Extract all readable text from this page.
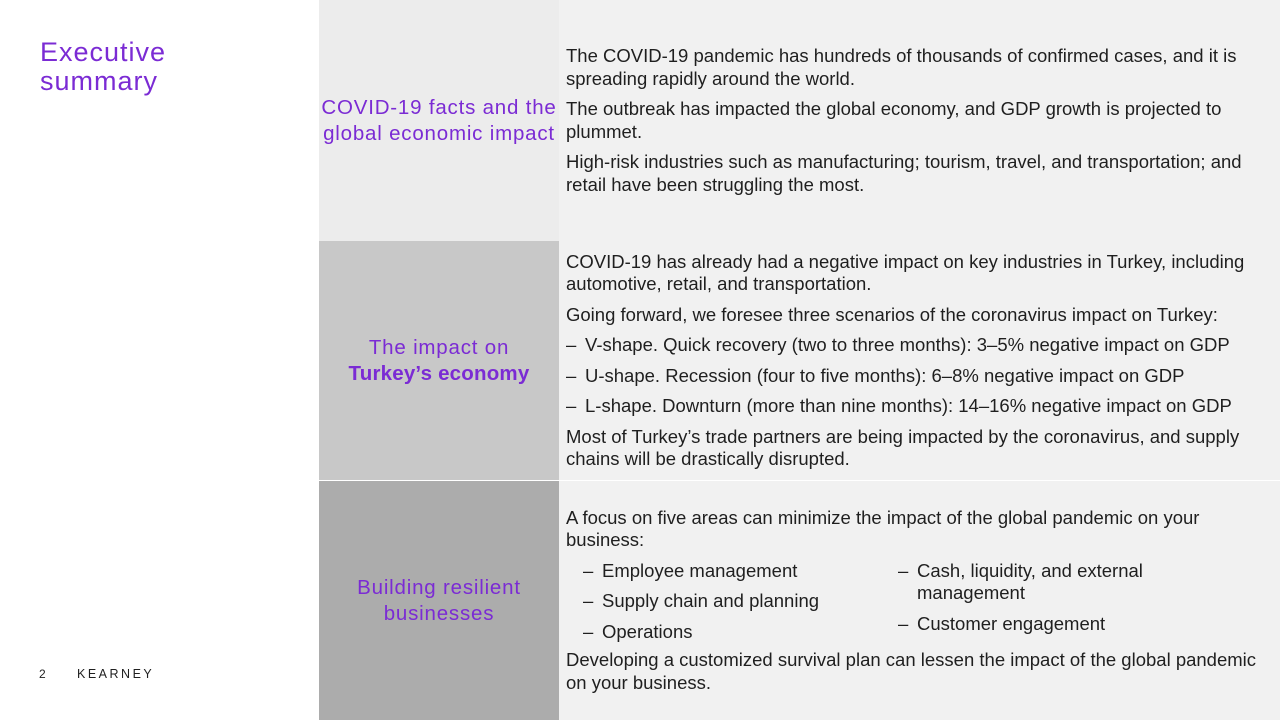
Executive summary
2	KEARNEY
COVID-19 facts and the global economic impact

The COVID-19 pandemic has hundreds of thousands of confirmed cases, and it is spreading rapidly around the world.

The outbreak has impacted the global economy, and GDP growth is projected to plummet.

High-risk industries such as manufacturing; tourism, travel, and transportation; and retail have been struggling the most.

The impact on
Turkey’s economy

COVID-19 has already had a negative impact on key industries in Turkey, including automotive, retail, and transportation.

Going forward, we foresee three scenarios of the coronavirus impact on Turkey:

– V-shape. Quick recovery (two to three months): 3–5% negative impact on GDP
– U-shape. Recession (four to five months): 6–8% negative impact on GDP
– L-shape. Downturn (more than nine months): 14–16% negative impact on GDP

Most of Turkey’s trade partners are being impacted by the coronavirus, and supply chains will be drastically disrupted.

Building resilient businesses

A focus on five areas can minimize the impact of the global pandemic on your business:

– Employee management
– Supply chain and planning
– Operations
– Cash, liquidity, and external management
– Customer engagement

Developing a customized survival plan can lessen the impact of the global pandemic on your business.
